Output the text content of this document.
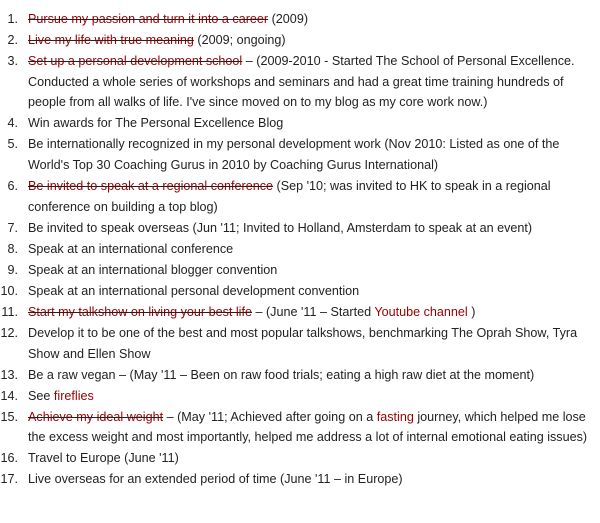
1. Pursue my passion and turn it into a career (2009)
2. Live my life with true meaning (2009; ongoing)
3. Set up a personal development school – (2009-2010 - Started The School of Personal Excellence. Conducted a whole series of workshops and seminars and had a great time training hundreds of people from all walks of life. I've since moved on to my blog as my core work now.)
4. Win awards for The Personal Excellence Blog
5. Be internationally recognized in my personal development work (Nov 2010: Listed as one of the World's Top 30 Coaching Gurus in 2010 by Coaching Gurus International)
6. Be invited to speak at a regional conference (Sep '10; was invited to HK to speak in a regional conference on building a top blog)
7. Be invited to speak overseas (Jun '11; Invited to Holland, Amsterdam to speak at an event)
8. Speak at an international conference
9. Speak at an international blogger convention
10. Speak at an international personal development convention
11. Start my talkshow on living your best life – (June '11 – Started Youtube channel )
12. Develop it to be one of the best and most popular talkshows, benchmarking The Oprah Show, Tyra Show and Ellen Show
13. Be a raw vegan – (May '11 – Been on raw food trials; eating a high raw diet at the moment)
14. See fireflies
15. Achieve my ideal weight – (May '11; Achieved after going on a fasting journey, which helped me lose the excess weight and most importantly, helped me address a lot of internal emotional eating issues)
16. Travel to Europe (June '11)
17. Live overseas for an extended period of time (June '11 – in Europe)
